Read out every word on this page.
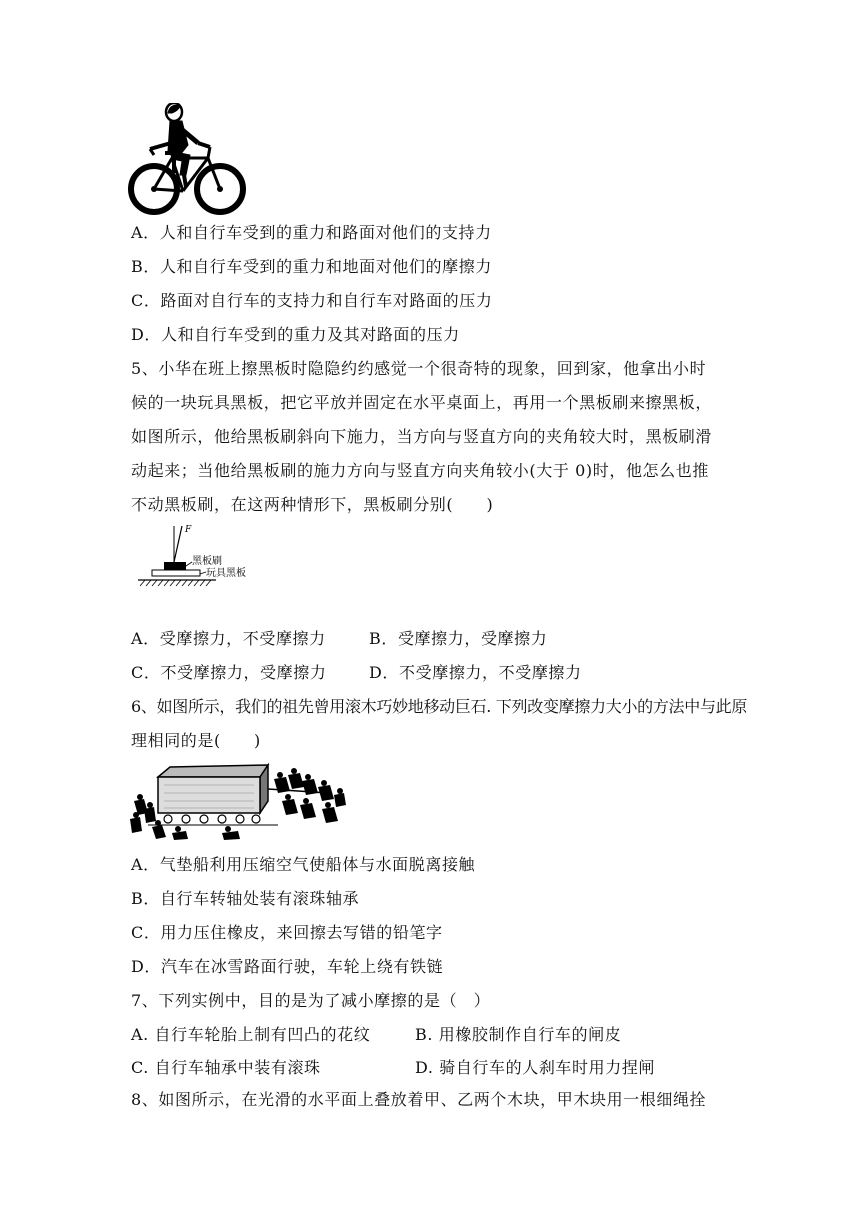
A．人和自行车受到的重力和路面对他们的支持力
B．人和自行车受到的重力和地面对他们的摩擦力
C．路面对自行车的支持力和自行车对路面的压力
D．人和自行车受到的重力及其对路面的压力
5、小华在班上擦黑板时隐隐约约感觉一个很奇特的现象，回到家，他拿出小时
候的一块玩具黑板，把它平放并固定在水平桌面上，再用一个黑板刷来擦黑板，
如图所示，他给黑板刷斜向下施力，当方向与竖直方向的夹角较大时，黑板刷滑
动起来；当他给黑板刷的施力方向与竖直方向夹角较小(大于 0)时，他怎么也推
不动黑板刷，在这两种情形下，黑板刷分别(　　)
F
黑板刷
玩具黑板
A．受摩擦力，不受摩擦力	B．受摩擦力，受摩擦力
C．不受摩擦力，受摩擦力	D．不受摩擦力，不受摩擦力
6、如图所示，我们的祖先曾用滚木巧妙地移动巨石. 下列改变摩擦力大小的方法中与此原
理相同的是(　　)
A．气垫船利用压缩空气使船体与水面脱离接触
B．自行车转轴处装有滚珠轴承
C．用力压住橡皮，来回擦去写错的铅笔字
D．汽车在冰雪路面行驶，车轮上绕有铁链
7、下列实例中，目的是为了减小摩擦的是（　）
A. 自行车轮胎上制有凹凸的花纹	B. 用橡胶制作自行车的闸皮
C. 自行车轴承中装有滚珠	D. 骑自行车的人刹车时用力捏闸
8、如图所示，在光滑的水平面上叠放着甲、乙两个木块，甲木块用一根细绳拴
